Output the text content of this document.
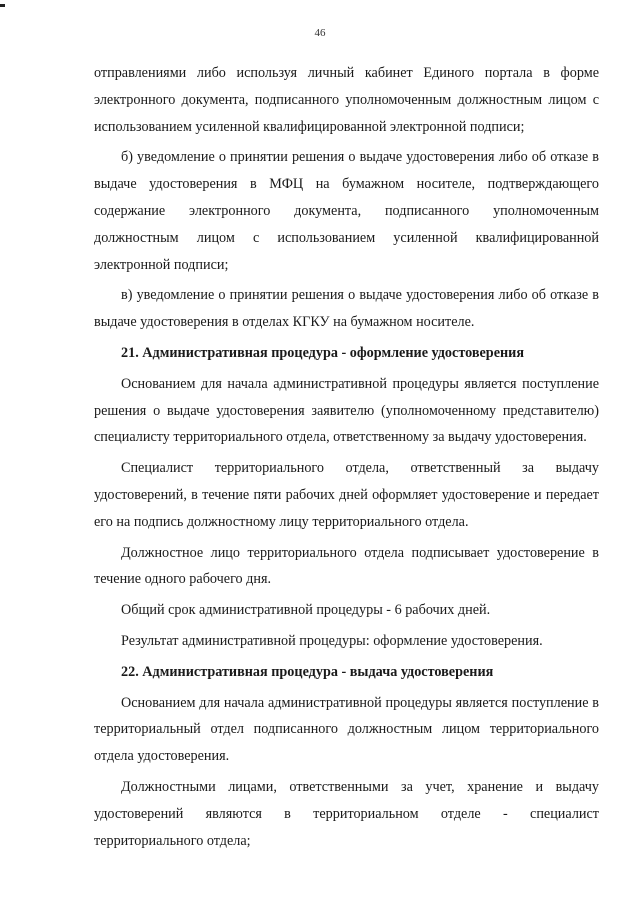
46

отправлениями либо используя личный кабинет Единого портала в форме электронного документа, подписанного уполномоченным должностным лицом с использованием усиленной квалифицированной электронной подписи;

б) уведомление о принятии решения о выдаче удостоверения либо об отказе в выдаче удостоверения в МФЦ на бумажном носителе, подтверждающего содержание электронного документа, подписанного уполномоченным должностным лицом с использованием усиленной квалифицированной электронной подписи;

в) уведомление о принятии решения о выдаче удостоверения либо об отказе в выдаче удостоверения в отделах КГКУ на бумажном носителе.

21. Административная процедура - оформление удостоверения

Основанием для начала административной процедуры является поступление решения о выдаче удостоверения заявителю (уполномоченному представителю) специалисту территориального отдела, ответственному за выдачу удостоверения.

Специалист территориального отдела, ответственный за выдачу удостоверений, в течение пяти рабочих дней оформляет удостоверение и передает его на подпись должностному лицу территориального отдела.

Должностное лицо территориального отдела подписывает удостоверение в течение одного рабочего дня.

Общий срок административной процедуры - 6 рабочих дней.

Результат административной процедуры: оформление удостоверения.

22. Административная процедура - выдача удостоверения

Основанием для начала административной процедуры является поступление в территориальный отдел подписанного должностным лицом территориального отдела удостоверения.

Должностными лицами, ответственными за учет, хранение и выдачу удостоверений являются в территориальном отделе - специалист территориального отдела;
